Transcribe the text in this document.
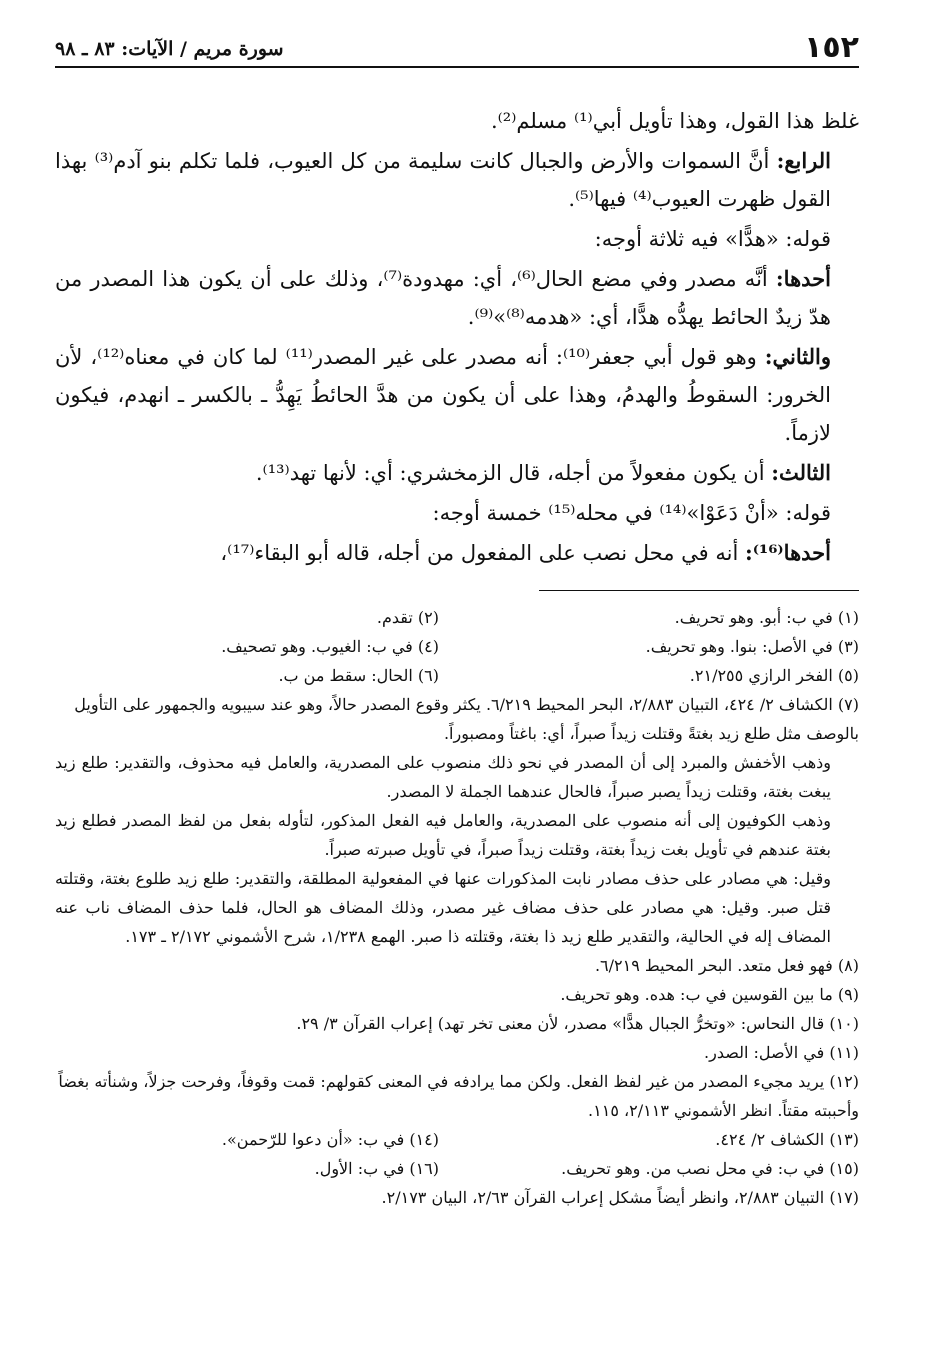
١٥٢
سورة مريم / الآيات: ٨٣ ـ ٩٨

غلظ هذا القول، وهذا تأويل أبي⁽¹⁾ مسلم⁽²⁾.

الرابع: أنَّ السموات والأرض والجبال كانت سليمة من كل العيوب، فلما تكلم بنو آدم⁽³⁾ بهذا القول ظهرت العيوب⁽⁴⁾ فيها⁽⁵⁾.

قوله: «هدًّا» فيه ثلاثة أوجه:

أحدها: أنَّه مصدر وفي مضع الحال⁽⁶⁾، أي: مهدودة⁽⁷⁾، وذلك على أن يكون هذا المصدر من هدّ زيدٌ الحائط يهدُّه هدًّا، أي: «هدمه⁽⁸⁾»⁽⁹⁾.

والثاني: وهو قول أبي جعفر⁽¹⁰⁾: أنه مصدر على غير المصدر⁽¹¹⁾ لما كان في معناه⁽¹²⁾، لأن الخرور: السقوطُ والهدمُ، وهذا على أن يكون من هدَّ الحائطُ يَهِدُّ ـ بالكسر ـ انهدم، فيكون لازماً.

الثالث: أن يكون مفعولاً من أجله، قال الزمخشري: أي: لأنها تهد⁽¹³⁾.

قوله: «أنْ دَعَوْا»⁽¹⁴⁾ في محله⁽¹⁵⁾ خمسة أوجه:

أحدها⁽¹⁶⁾: أنه في محل نصب على المفعول من أجله، قاله أبو البقاء⁽¹⁷⁾،

(١) في ب: أبو. وهو تحريف.
(٢) تقدم.
(٣) في الأصل: بنوا. وهو تحريف.
(٤) في ب: الغيوب. وهو تصحيف.
(٥) الفخر الرازي ٢١/٢٥٥.
(٦) الحال: سقط من ب.

(٧) الكشاف ٢/ ٤٢٤، التبيان ٢/٨٨٣، البحر المحيط ٦/٢١٩. يكثر وقوع المصدر حالاً، وهو عند سيبويه والجمهور على التأويل بالوصف مثل طلع زيد بغتةً وقتلت زيداً صبراً، أي: باغتاً ومصبوراً.

وذهب الأخفش والمبرد إلى أن المصدر في نحو ذلك منصوب على المصدرية، والعامل فيه محذوف، والتقدير: طلع زيد يبغت بغتة، وقتلت زيداً يصبر صبراً، فالحال عندهما الجملة لا المصدر.

وذهب الكوفيون إلى أنه منصوب على المصدرية، والعامل فيه الفعل المذكور، لتأوله بفعل من لفظ المصدر فطلع زيد بغتة عندهم في تأويل بغت زيداً بغتة، وقتلت زيداً صبراً، في تأويل صبرته صبراً.

وقيل: هي مصادر على حذف مصادر نابت المذكورات عنها في المفعولية المطلقة، والتقدير: طلع زيد طلوع بغتة، وقتلته قتل صبر. وقيل: هي مصادر على حذف مضاف غير مصدر، وذلك المضاف هو الحال، فلما حذف المضاف ناب عنه المضاف إله في الحالية، والتقدير طلع زيد ذا بغتة، وقتلته ذا صبر. الهمع ١/٢٣٨، شرح الأشموني ٢/١٧٢ ـ ١٧٣.

(٨) فهو فعل متعد. البحر المحيط ٦/٢١٩.

(٩) ما بين القوسين في ب: هده. وهو تحريف.

(١٠) قال النحاس: «وتخرُّ الجبال هدًّا» مصدر، لأن معنى تخر تهد) إعراب القرآن ٣/ ٢٩.

(١١) في الأصل: الصدر.

(١٢) يريد مجيء المصدر من غير لفظ الفعل. ولكن مما يرادفه في المعنى كقولهم: قمت وقوفاً، وفرحت جزلاً، وشنأته بغضاً وأحببته مقتاً. انظر الأشموني ٢/١١٣، ١١٥.

(١٣) الكشاف ٢/ ٤٢٤.
(١٤) في ب: «أن دعوا للرّحمن».
(١٥) في ب: في محل نصب من. وهو تحريف.
(١٦) في ب: الأول.

(١٧) التبيان ٢/٨٨٣، وانظر أيضاً مشكل إعراب القرآن ٢/٦٣، البيان ٢/١٧٣.
